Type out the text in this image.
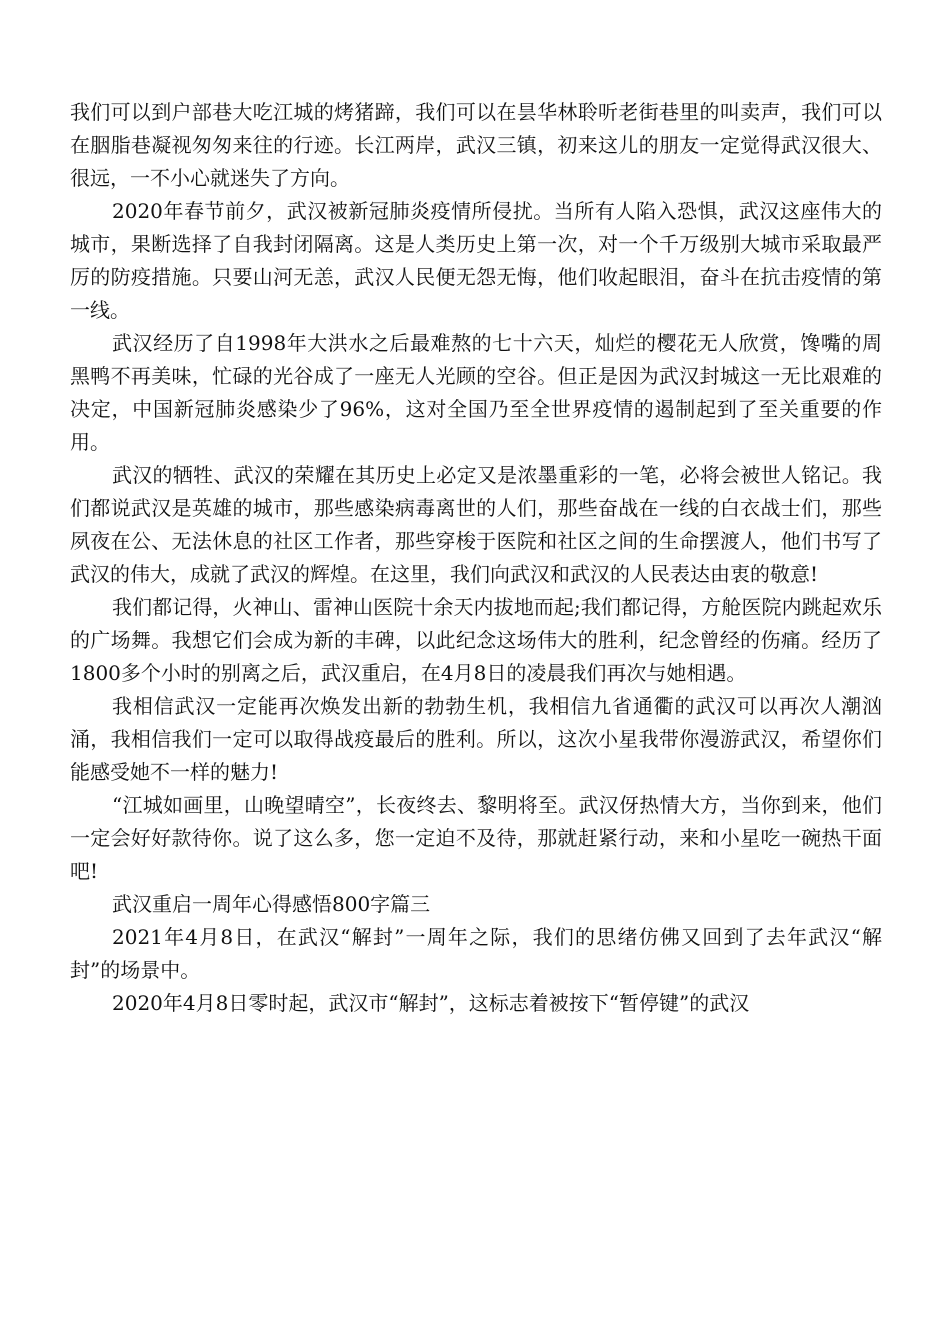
我们可以到户部巷大吃江城的烤猪蹄，我们可以在昙华林聆听老街巷里的叫卖声，我们可以在胭脂巷凝视匆匆来往的行迹。长江两岸，武汉三镇，初来这儿的朋友一定觉得武汉很大、很远，一不小心就迷失了方向。

2020年春节前夕，武汉被新冠肺炎疫情所侵扰。当所有人陷入恐惧，武汉这座伟大的城市，果断选择了自我封闭隔离。这是人类历史上第一次，对一个千万级别大城市采取最严厉的防疫措施。只要山河无恙，武汉人民便无怨无悔，他们收起眼泪，奋斗在抗击疫情的第一线。

武汉经历了自1998年大洪水之后最难熬的七十六天，灿烂的樱花无人欣赏，馋嘴的周黑鸭不再美味，忙碌的光谷成了一座无人光顾的空谷。但正是因为武汉封城这一无比艰难的决定，中国新冠肺炎感染少了96%，这对全国乃至全世界疫情的遏制起到了至关重要的作用。

武汉的牺牲、武汉的荣耀在其历史上必定又是浓墨重彩的一笔，必将会被世人铭记。我们都说武汉是英雄的城市，那些感染病毒离世的人们，那些奋战在一线的白衣战士们，那些夙夜在公、无法休息的社区工作者，那些穿梭于医院和社区之间的生命摆渡人，他们书写了武汉的伟大，成就了武汉的辉煌。在这里，我们向武汉和武汉的人民表达由衷的敬意!

我们都记得，火神山、雷神山医院十余天内拔地而起;我们都记得，方舱医院内跳起欢乐的广场舞。我想它们会成为新的丰碑，以此纪念这场伟大的胜利，纪念曾经的伤痛。经历了1800多个小时的别离之后，武汉重启，在4月8日的凌晨我们再次与她相遇。

我相信武汉一定能再次焕发出新的勃勃生机，我相信九省通衢的武汉可以再次人潮汹涌，我相信我们一定可以取得战疫最后的胜利。所以，这次小星我带你漫游武汉，希望你们能感受她不一样的魅力!

“江城如画里，山晚望晴空”，长夜终去、黎明将至。武汉伢热情大方，当你到来，他们一定会好好款待你。说了这么多，您一定迫不及待，那就赶紧行动，来和小星吃一碗热干面吧!

武汉重启一周年心得感悟800字篇三

2021年4月8日，在武汉“解封”一周年之际，我们的思绪仿佛又回到了去年武汉“解封”的场景中。

2020年4月8日零时起，武汉市“解封”，这标志着被按下“暂停键”的武汉
